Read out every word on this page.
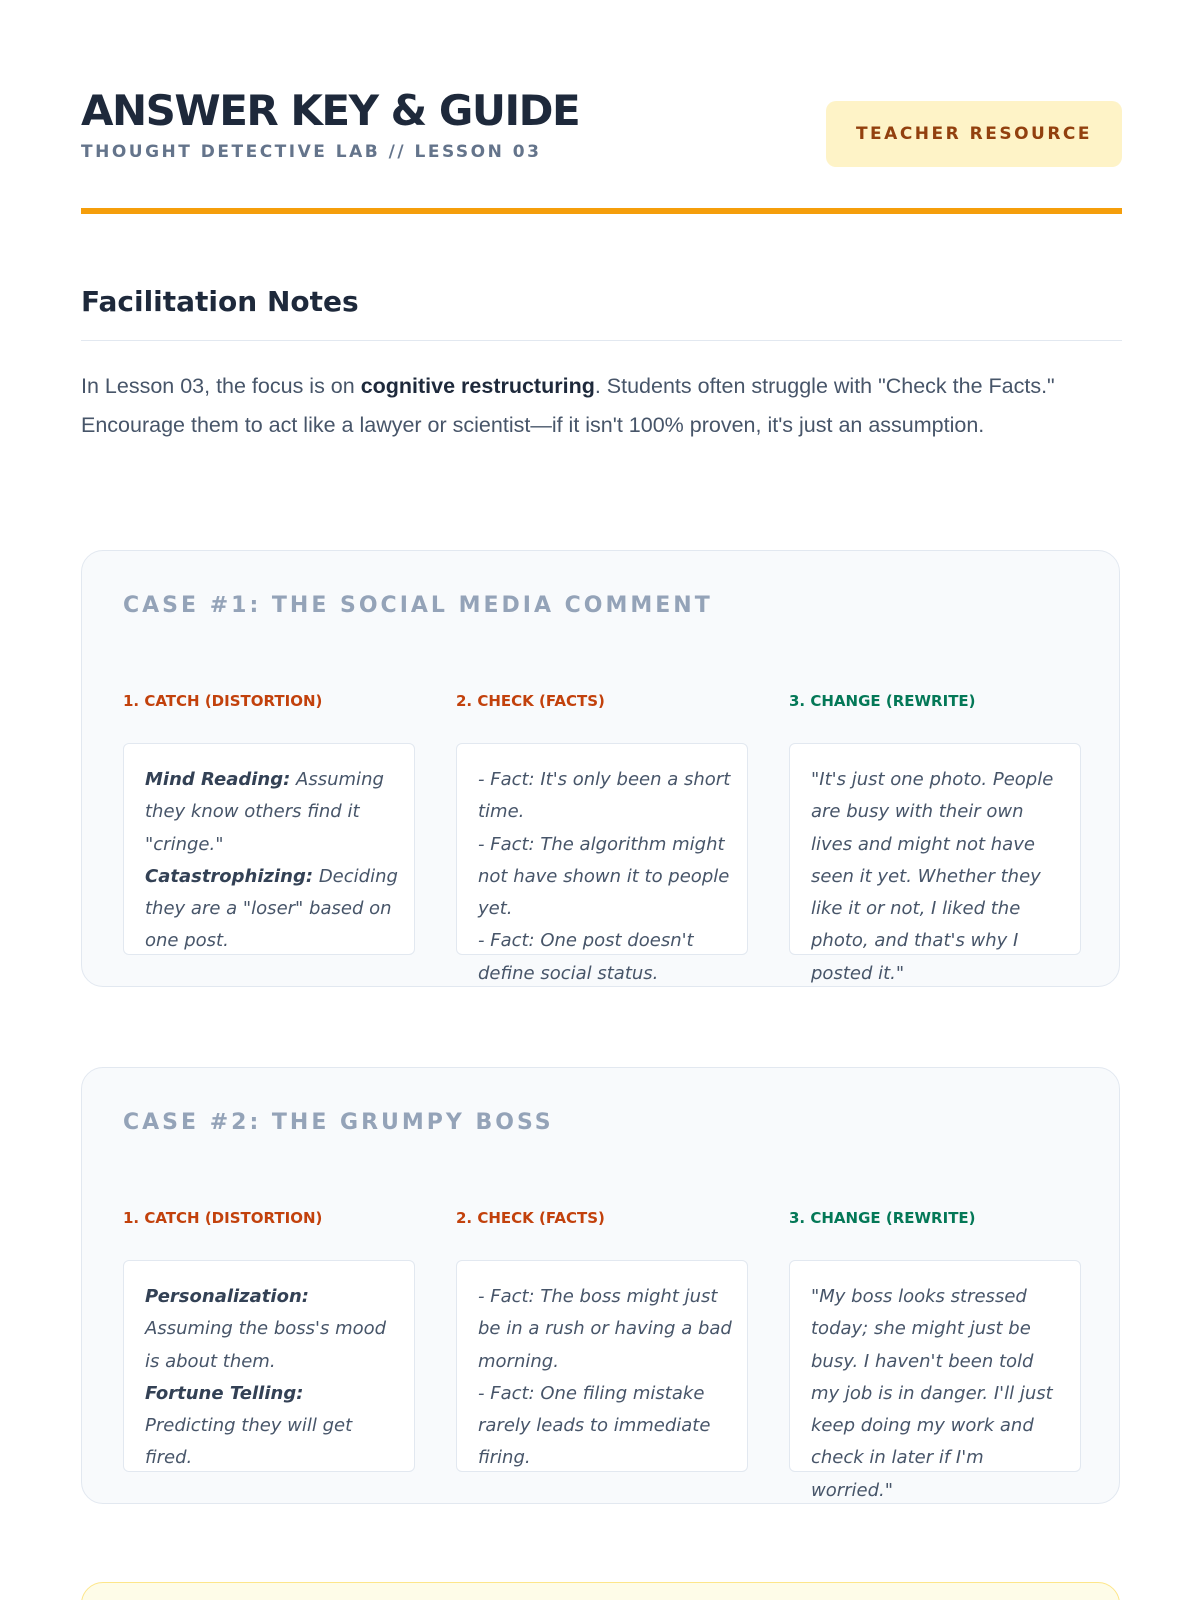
ANSWER KEY & GUIDE
THOUGHT DETECTIVE LAB // LESSON 03
TEACHER RESOURCE
Facilitation Notes
In Lesson 03, the focus is on cognitive restructuring. Students often struggle with "Check the Facts." Encourage them to act like a lawyer or scientist—if it isn't 100% proven, it's just an assumption.
CASE #1: THE SOCIAL MEDIA COMMENT
1. CATCH (DISTORTION)
Mind Reading: Assuming they know others find it "cringe."
Catastrophizing: Deciding they are a "loser" based on one post.
2. CHECK (FACTS)
- Fact: It's only been a short time.
- Fact: The algorithm might not have shown it to people yet.
- Fact: One post doesn't define social status.
3. CHANGE (REWRITE)
"It's just one photo. People are busy with their own lives and might not have seen it yet. Whether they like it or not, I liked the photo, and that's why I posted it."
CASE #2: THE GRUMPY BOSS
1. CATCH (DISTORTION)
Personalization: Assuming the boss's mood is about them.
Fortune Telling: Predicting they will get fired.
2. CHECK (FACTS)
- Fact: The boss might just be in a rush or having a bad morning.
- Fact: One filing mistake rarely leads to immediate firing.
3. CHANGE (REWRITE)
"My boss looks stressed today; she might just be busy. I haven't been told my job is in danger. I'll just keep doing my work and check in later if I'm worried."
